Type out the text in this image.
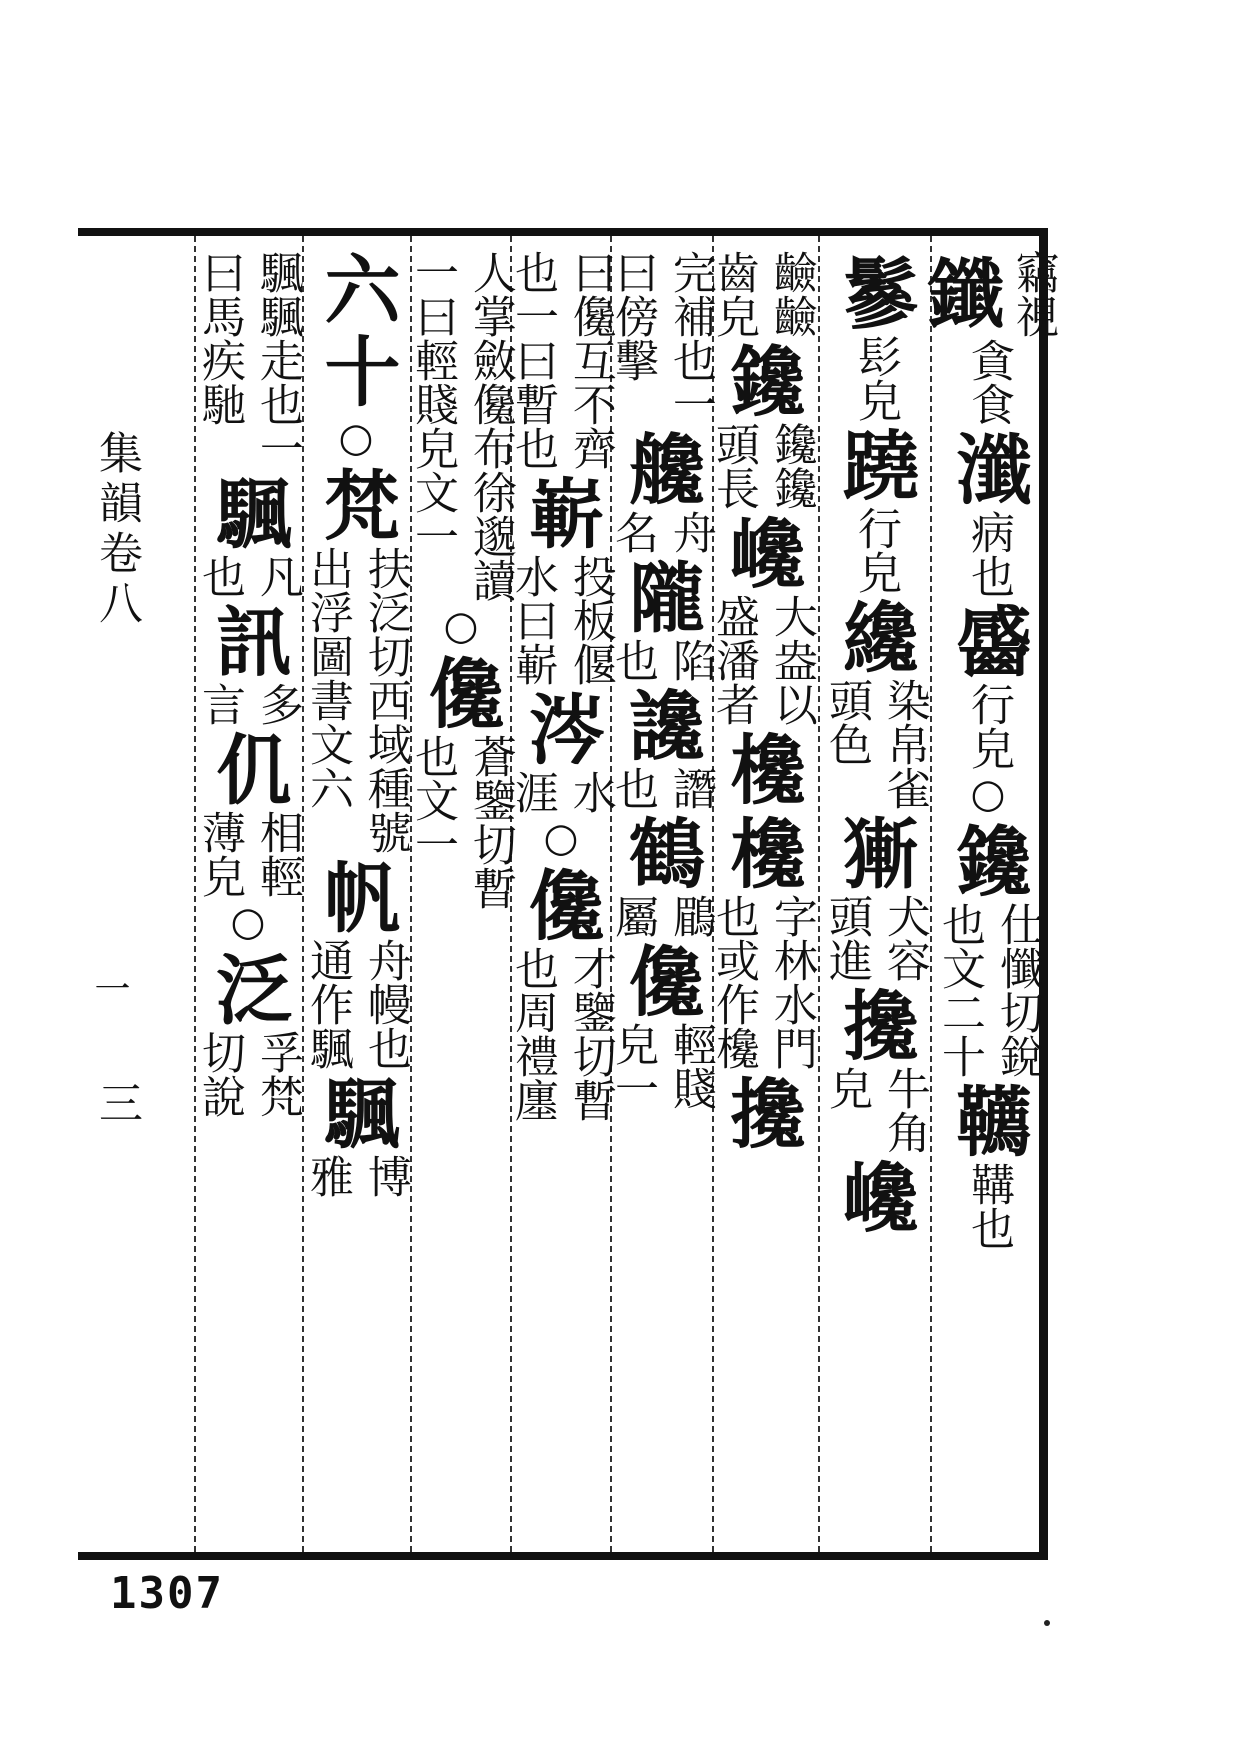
竊
視
鑯
貪
食
瀸
病
也
䶠
行
皃
○
鑱
仕
懺
切
銳
也
文
二
十
韉
鞲
也
鬖
髟
皃
蹺
行
皃
纔
染
帛
雀
頭
色
獑
犬
容
頭
進
攙
牛
角
皃
巉
䶨
䶨
齒
皃
鑱
鑱
鑱
頭
長
巉
大
盎
以
盛
潘
者
欃
欃
字
林
水
門
也
或
作
欃
攙
完
補
也
一
曰
傍
擊
艬
舟
名
隴
陷
也
讒
譖
也
鶴
鶥
屬
儳
輕
賤
皃
一
曰
儳
互
不
齊
也
一
曰
暫
也
嶄
投
板
偃
水
曰
嶄
涔
水
涯
○
儳
才
鑒
切
暫
也
周
禮
廛
人
掌
斂
儳
布
徐
邈
讀
一
曰
輕
賤
皃
文
一
○
儳
蒼
鑒
切
暫
也
文
一
六十
○
梵
扶
泛
切
西
域
種
號
出
浮
圖
書
文
六
帆
舟
幔
也
通
作
颿
颿
博
雅
颿
颿
走
也
一
曰
馬
疾
馳
颿
凡
也
訊
多
言
仉
相
輕
薄
皃
○
泛
孚
梵
切
說
集韻卷八
一
三
1307
